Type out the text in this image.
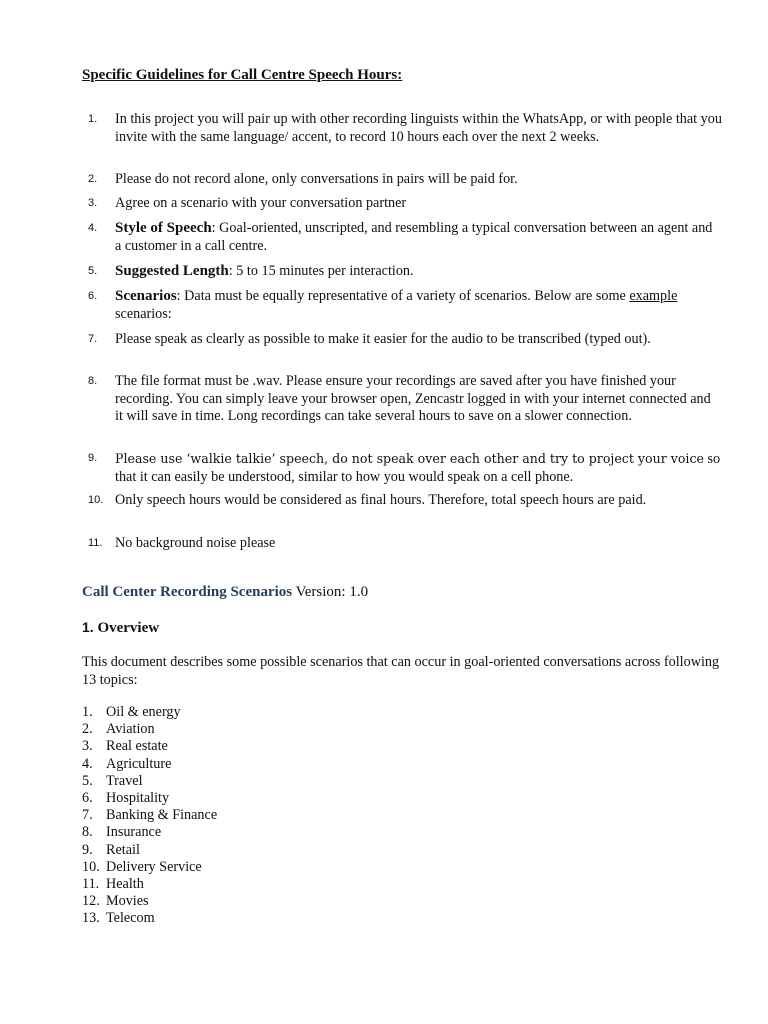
Specific Guidelines for Call Centre Speech Hours:
1.	In this project you will pair up with other recording linguists within the WhatsApp, or with people that you invite with the same language/ accent, to record 10 hours each over the next 2 weeks.
2.	Please do not record alone, only conversations in pairs will be paid for.
3.	Agree on a scenario with your conversation partner
4.	Style of Speech: Goal-oriented, unscripted, and resembling a typical conversation between an agent and a customer in a call centre.
5.	Suggested Length: 5 to 15 minutes per interaction.
6.	Scenarios: Data must be equally representative of a variety of scenarios. Below are some example scenarios:
7.	Please speak as clearly as possible to make it easier for the audio to be transcribed (typed out).
8.	The file format must be .wav. Please ensure your recordings are saved after you have finished your recording. You can simply leave your browser open, Zencastr logged in with your internet connected and it will save in time. Long recordings can take several hours to save on a slower connection.
9.	Please use ‘walkie talkie’ speech, do not speak over each other and try to project your voice so that it can easily be understood, similar to how you would speak on a cell phone.
10. Only speech hours would be considered as final hours. Therefore, total speech hours are paid.
11. No background noise please
Call Center Recording Scenarios Version: 1.0
1. Overview
This document describes some possible scenarios that can occur in goal-oriented conversations across following 13 topics:
1. Oil & energy
2. Aviation
3. Real estate
4. Agriculture
5. Travel
6. Hospitality
7. Banking & Finance
8. Insurance
9. Retail
10. Delivery Service
11. Health
12. Movies
13. Telecom
